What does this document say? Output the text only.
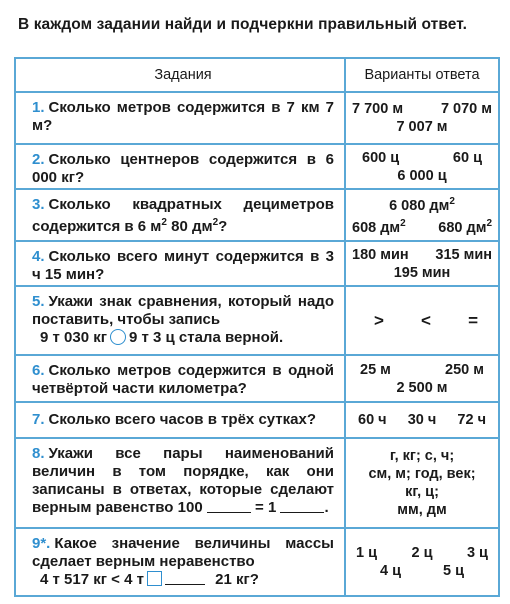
В каждом задании найди и подчеркни правильный ответ.
Задания	Варианты ответа
1. Сколько метров содержится в 7 км 7 м?
7 700 м	7 070 м
7 007 м
2. Сколько центнеров содержится в 6 000 кг?
600 ц	60 ц
6 000 ц
3. Сколько квадратных дециметров содержится в 6 $м^2$ 80 $дм^2$?
6 080 $дм^2$
608 $дм^2$ 680 $дм^2$
4. Сколько всего минут содержится в 3 ч 15 мин?
180 мин 315 мин
195 мин
5. Укажи знак сравнения, который надо поставить, чтобы запись
9 т 030 кг 9 т 3 ц стала верной.
> < =
6. Сколько метров содержится в одной четвёртой части километра?
25 м	250 м
2 500 м
7. Сколько всего часов в трёх сутках?	60 ч 30 ч 72 ч
8. Укажи все пары наименований величин в том порядке, как они записаны в ответах, которые сделают верным равенство 100	= 1	.
г, кг; с, ч;
см, м; год, век;
кг, ц;
мм, дм
9*. Какое значение величины массы сделает верным неравенство
4 т 517 кг < 4 т	21 кг?
1 ц 2 ц 3 ц
4 ц	5 ц
